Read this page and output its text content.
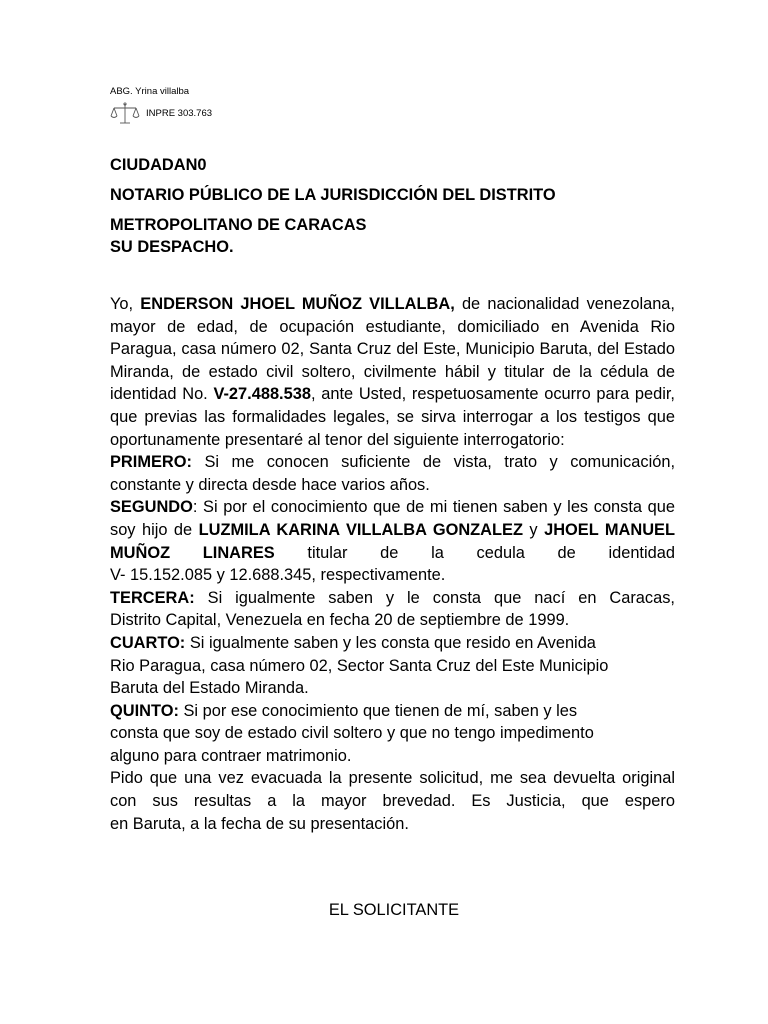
ABG. Yrina villalba
INPRE 303.763
CIUDADAN0
NOTARIO PÚBLICO DE LA JURISDICCIÓN DEL DISTRITO
METROPOLITANO DE CARACAS
SU DESPACHO.

Yo, ENDERSON JHOEL MUÑOZ VILLALBA, de nacionalidad venezolana, mayor de edad, de ocupación estudiante, domiciliado en Avenida Rio Paragua, casa número 02, Santa Cruz del Este, Municipio Baruta, del Estado Miranda, de estado civil soltero, civilmente hábil y titular de la cédula de identidad No. V-27.488.538, ante Usted, respetuosamente ocurro para pedir, que previas las formalidades legales, se sirva interrogar a los testigos que

oportunamente presentaré al tenor del siguiente interrogatorio:

PRIMERO: Si me conocen suficiente de vista, trato y comunicación,

constante y directa desde hace varios años.

SEGUNDO: Si por el conocimiento que de mi tienen saben y les consta que soy hijo de LUZMILA KARINA VILLALBA GONZALEZ y JHOEL MANUEL MUÑOZ LINARES titular de la cedula de identidad

V- 15.152.085 y 12.688.345, respectivamente.

TERCERA: Si igualmente saben y le consta que nací en Caracas,

Distrito Capital, Venezuela en fecha 20 de septiembre de 1999.

CUARTO: Si igualmente saben y les consta que resido en Avenida

Rio Paragua, casa número 02, Sector Santa Cruz del Este Municipio

Baruta del Estado Miranda.

QUINTO: Si por ese conocimiento que tienen de mí, saben y les

consta que soy de estado civil soltero y que no tengo impedimento

alguno para contraer matrimonio.

Pido que una vez evacuada la presente solicitud, me sea devuelta original con sus resultas a la mayor brevedad. Es Justicia, que espero

en Baruta, a la fecha de su presentación.

EL SOLICITANTE
